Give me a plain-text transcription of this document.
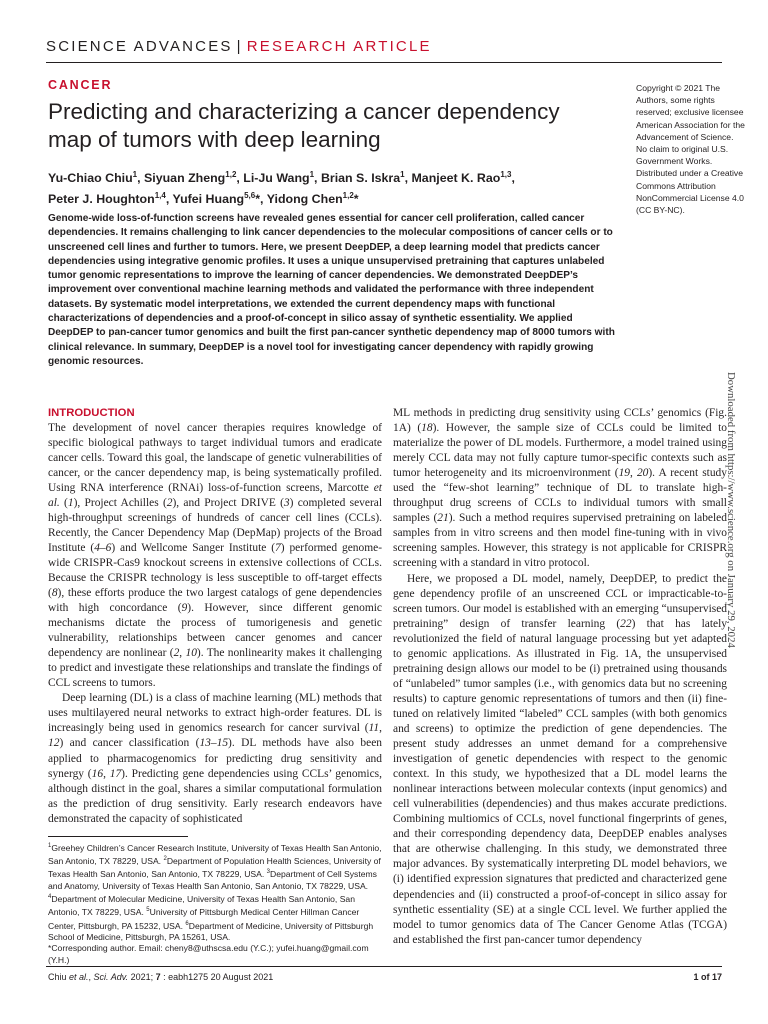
SCIENCE ADVANCES | RESEARCH ARTICLE
CANCER
Predicting and characterizing a cancer dependency map of tumors with deep learning
Yu-Chiao Chiu$^1$, Siyuan Zheng$^{1,2}$, Li-Ju Wang$^1$, Brian S. Iskra$^1$, Manjeet K. Rao$^{1,3}$,
Peter J. Houghton$^{1,4}$, Yufei Huang$^{5,6}$*, Yidong Chen$^{1,2}$*
Copyright © 2021 The Authors, some rights reserved; exclusive licensee American Association for the Advancement of Science. No claim to original U.S. Government Works. Distributed under a Creative Commons Attribution NonCommercial License 4.0 (CC BY-NC).
Genome-wide loss-of-function screens have revealed genes essential for cancer cell proliferation, called cancer dependencies. It remains challenging to link cancer dependencies to the molecular compositions of cancer cells or to unscreened cell lines and further to tumors. Here, we present DeepDEP, a deep learning model that predicts cancer dependencies using integrative genomic profiles. It uses a unique unsupervised pretraining that captures unlabeled tumor genomic representations to improve the learning of cancer dependencies. We demonstrated DeepDEP’s improvement over conventional machine learning methods and validated the performance with three independent datasets. By systematic model interpretations, we extended the current dependency maps with functional characterizations of dependencies and a proof-of-concept in silico assay of synthetic essentiality. We applied DeepDEP to pan-cancer tumor genomics and built the first pan-cancer synthetic dependency map of 8000 tumors with clinical relevance. In summary, DeepDEP is a novel tool for investigating cancer dependency with rapidly growing genomic resources.
Downloaded from https://www.science.org on January 29, 2024
INTRODUCTION

The development of novel cancer therapies requires knowledge of specific biological pathways to target individual tumors and eradicate cancer cells. Toward this goal, the landscape of genetic vulnerabilities of cancer, or the cancer dependency map, is being systematically profiled. Using RNA interference (RNAi) loss-of-function screens, Marcotte et al. (1), Project Achilles (2), and Project DRIVE (3) completed several high-throughput screenings of hundreds of cancer cell lines (CCLs). Recently, the Cancer Dependency Map (DepMap) projects of the Broad Institute (4–6) and Wellcome Sanger Institute (7) performed genome-wide CRISPR-Cas9 knockout screens in extensive collections of CCLs. Because the CRISPR technology is less susceptible to off-target effects (8), these efforts produce the two largest catalogs of gene dependencies with high concordance (9). However, since different genomic mechanisms dictate the process of tumorigenesis and genetic vulnerability, relationships between cancer genomes and cancer dependency are nonlinear (2, 10). The nonlinearity makes it challenging to predict and investigate these relationships and translate the findings of CCL screens to tumors.

Deep learning (DL) is a class of machine learning (ML) methods that uses multilayered neural networks to extract high-order features. DL is increasingly being used in genomics research for cancer survival (11, 12) and cancer classification (13–15). DL methods have also been applied to pharmacogenomics for predicting drug sensitivity and synergy (16, 17). Predicting gene dependencies using CCLs’ genomics, although distinct in the goal, shares a similar computational formulation as the prediction of drug sensitivity. Early research endeavors have demonstrated the capacity of sophisticated

ML methods in predicting drug sensitivity using CCLs’ genomics (Fig. 1A) (18). However, the sample size of CCLs could be limited to materialize the power of DL models. Furthermore, a model trained using merely CCL data may not fully capture tumor-specific contexts such as tumor heterogeneity and its microenvironment (19, 20). A recent study used the “few-shot learning” technique of DL to translate high-throughput drug screens of CCLs to individual tumors with small samples (21). Such a method requires supervised pretraining on labeled samples from in vitro screens and then model fine-tuning with in vivo screening samples. However, this strategy is not applicable for CRISPR screening with a standard in vitro protocol.

Here, we proposed a DL model, namely, DeepDEP, to predict the gene dependency profile of an unscreened CCL or impracticable-to-screen tumors. Our model is established with an emerging “unsupervised pretraining” design of transfer learning (22) that has lately revolutionized the field of natural language processing but yet adapted to genomic applications. As illustrated in Fig. 1A, the unsupervised pretraining design allows our model to be (i) pretrained using thousands of “unlabeled” tumor samples (i.e., with genomics data but no screening results) to capture genomic representations of tumors and then (ii) fine-tuned on relatively limited “labeled” CCL samples (with both genomics and screens) to optimize the prediction of gene dependencies. The present study addresses an unmet demand for a comprehensive investigation of genetic dependencies with respect to the genomic context. In this study, we hypothesized that a DL model learns the nonlinear interactions between molecular contexts (input genomics) and cell vulnerabilities (dependencies) and thus makes accurate predictions. Combining multiomics of CCLs, novel functional fingerprints of genes, and their corresponding dependency data, DeepDEP enables analyses that are otherwise challenging. In this study, we demonstrated three major advances. By systematically interpreting DL model behaviors, we (i) identified expression signatures that predicted and characterized gene dependencies and (ii) constructed a proof-of-concept in silico assay for synthetic essentiality (SE) at a single CCL level. We further applied the model to tumor genomics data of The Cancer Genome Atlas (TCGA) and established the first pan-cancer tumor dependency

$^1$Greehey Children’s Cancer Research Institute, University of Texas Health San Antonio, San Antonio, TX 78229, USA. $^2$Department of Population Health Sciences, University of Texas Health San Antonio, San Antonio, TX 78229, USA. $^3$Department of Cell Systems and Anatomy, University of Texas Health San Antonio, San Antonio, TX 78229, USA. $^4$Department of Molecular Medicine, University of Texas Health San Antonio, San Antonio, TX 78229, USA. $^5$University of Pittsburgh Medical Center Hillman Cancer Center, Pittsburgh, PA 15232, USA. $^6$Department of Medicine, University of Pittsburgh School of Medicine, Pittsburgh, PA 15261, USA.
*Corresponding author. Email: cheny8@uthscsa.edu (Y.C.); yufei.huang@gmail.com (Y.H.)
Chiu et al., Sci. Adv. 2021; 7 : eabh1275 20 August 2021	1 of 17
